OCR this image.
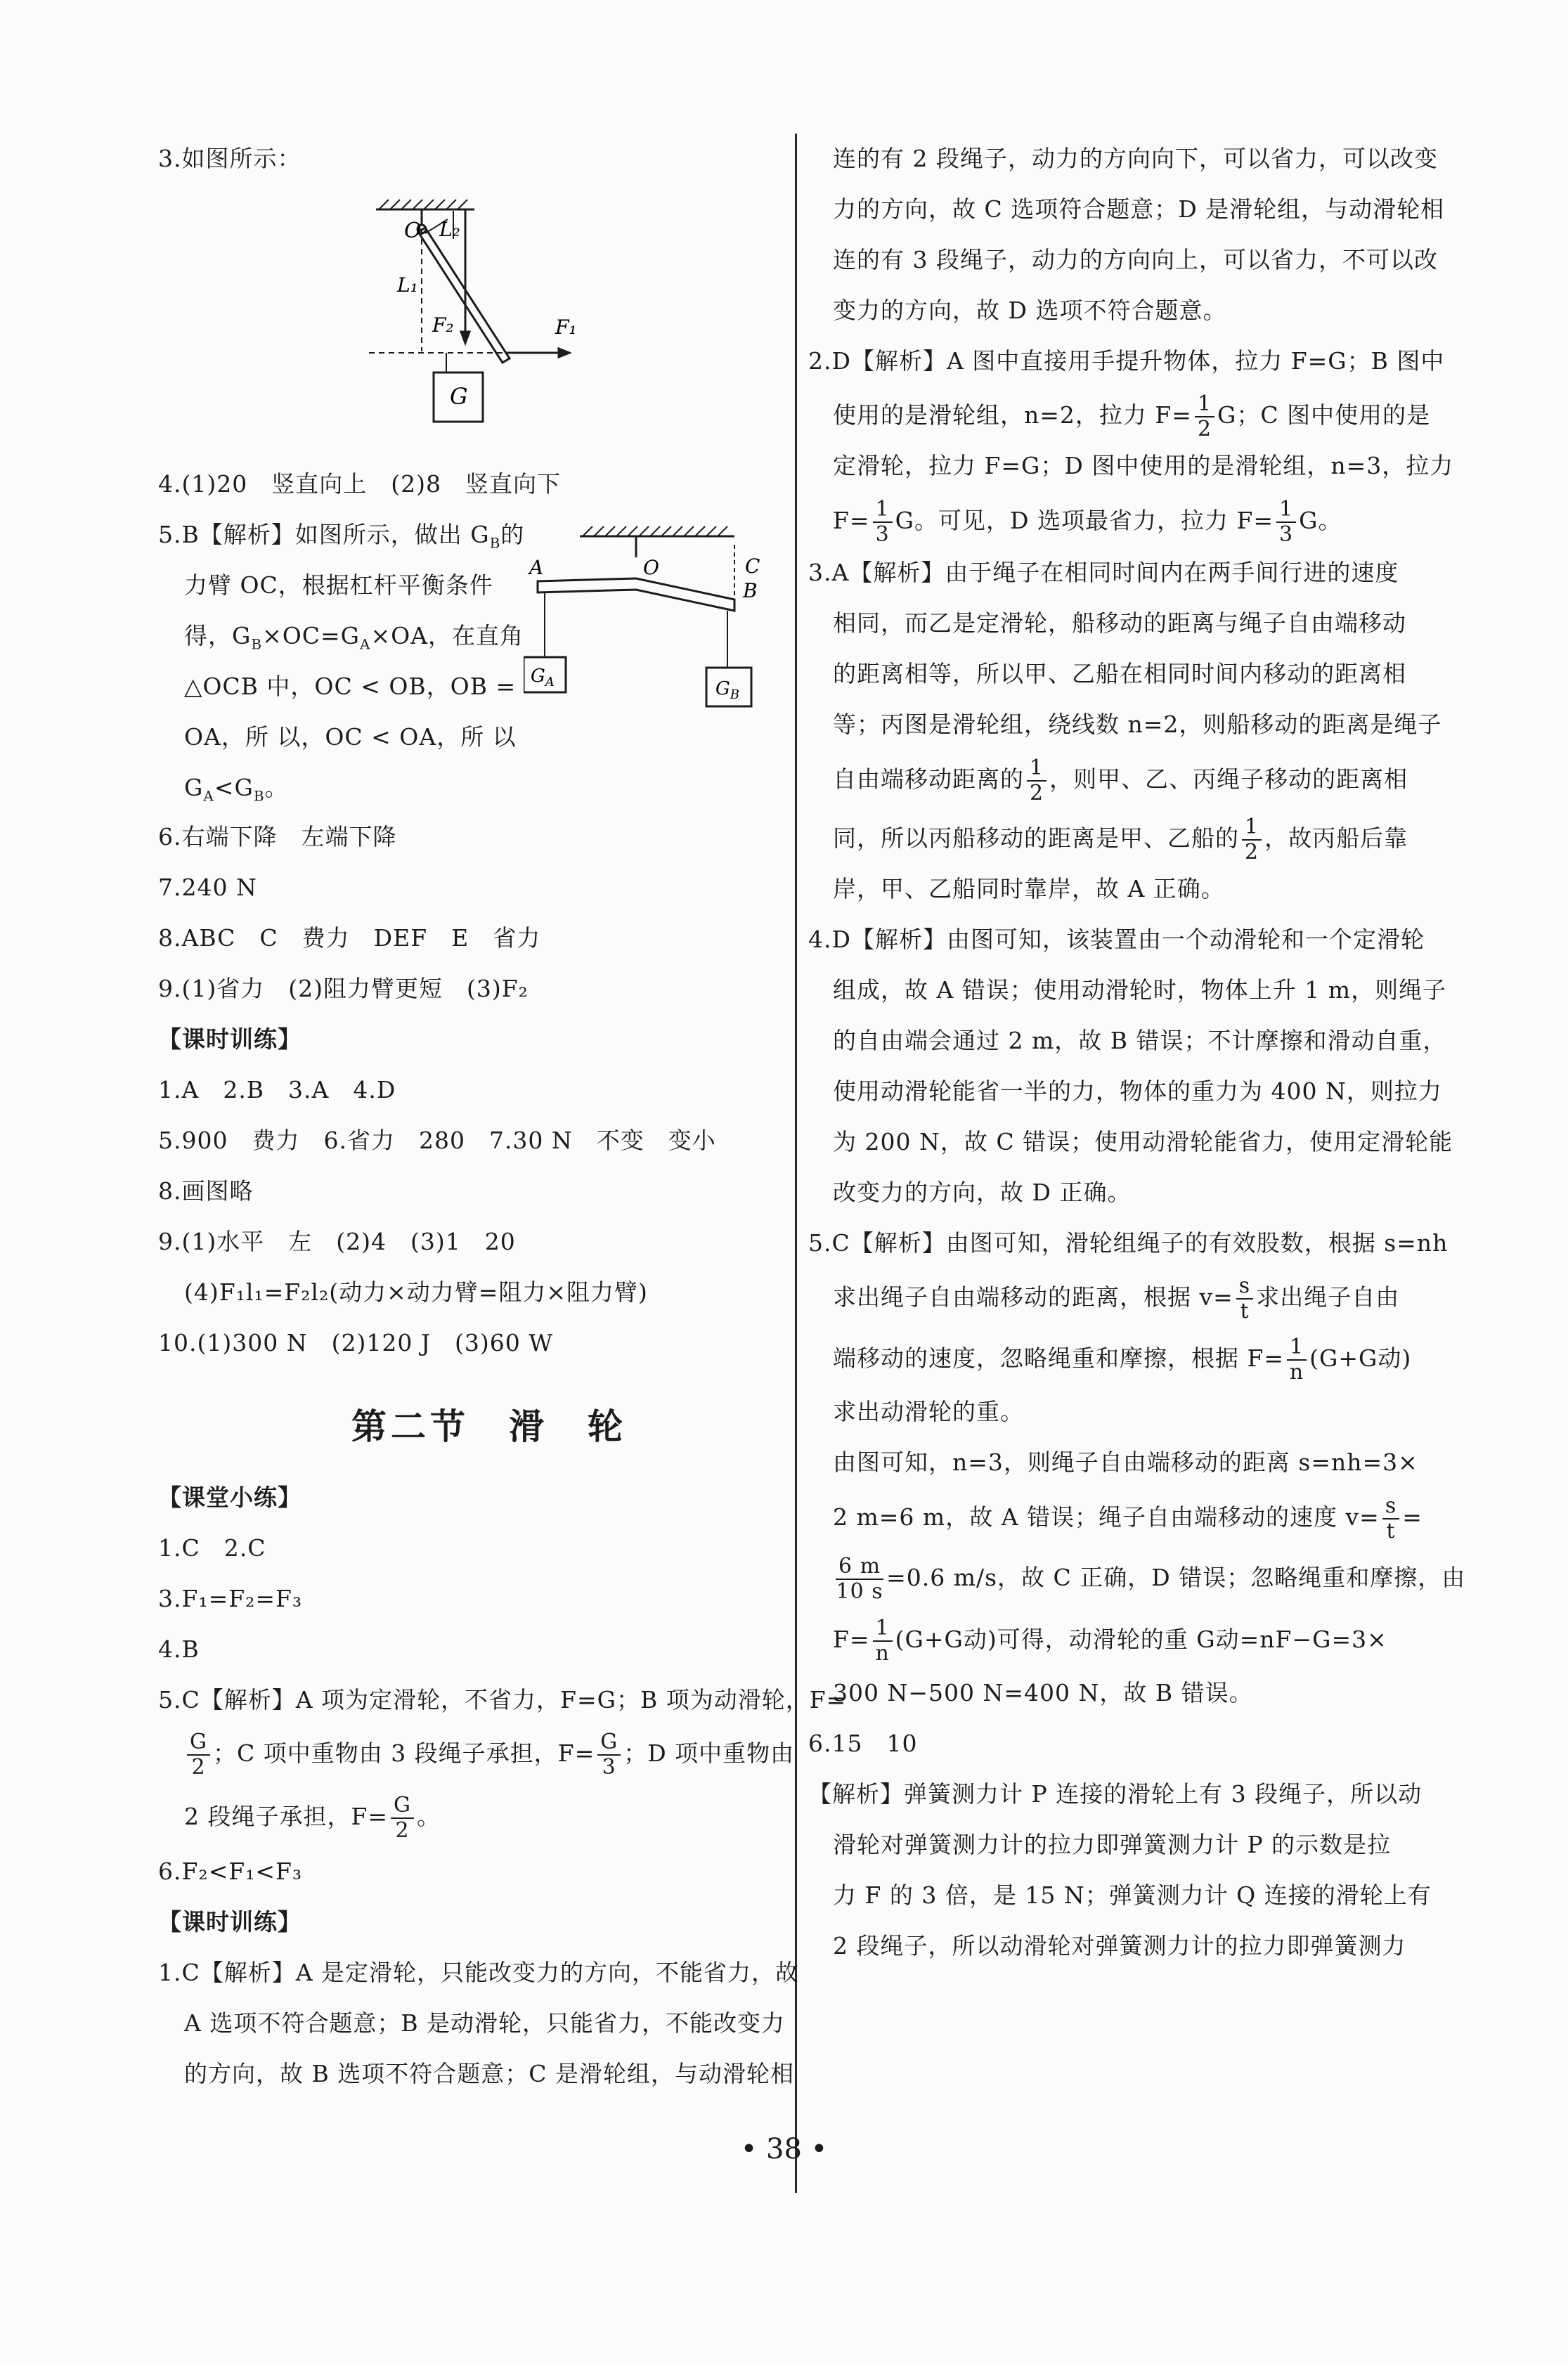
3.如图所示：
O L₂
L₁
F₂	F₁
G
4.(1)20　竖直向上　(2)8　竖直向下
5.B【解析】如图所示，做出 $G_B$的
力臂 OC，根据杠杆平衡条件
得，$G_B\times OC=G_A\times OA$，在直角
△OCB 中，OC < OB，OB =
OA，所 以，OC < OA，所 以
$G_A<G_B$。
A	O	C
B
$G_A$	$G_B$
6.右端下降　左端下降
7.240 N
8.ABC　C　费力　DEF　E　省力
9.(1)省力　(2)阻力臂更短　(3)F₂
【课时训练】
1.A　2.B　3.A　4.D
5.900　费力　6.省力　280　7.30 N　不变　变小
8.画图略
9.(1)水平　左　(2)4　(3)1　20
(4)F₁l₁=F₂l₂(动力×动力臂=阻力×阻力臂)
10.(1)300 N　(2)120 J　(3)60 W
第二节　滑　轮
【课堂小练】
1.C　2.C
3.F₁=F₂=F₃
4.B
5.C【解析】A 项为定滑轮，不省力，F=G；B 项为动滑轮，F=
$\frac{G}{2}$ ；C 项中重物由 3 段绳子承担，$F= \frac{G}{3}$ ；D 项中重物由
2 段绳子承担，$F= \frac{G}{2}$ 。
6.F₂<F₁<F₃
【课时训练】
1.C【解析】A 是定滑轮，只能改变力的方向，不能省力，故
A 选项不符合题意；B 是动滑轮，只能省力，不能改变力
的方向，故 B 选项不符合题意；C 是滑轮组，与动滑轮相
连的有 2 段绳子，动力的方向向下，可以省力，可以改变
力的方向，故 C 选项符合题意；D 是滑轮组，与动滑轮相
连的有 3 段绳子，动力的方向向上，可以省力，不可以改
变力的方向，故 D 选项不符合题意。
2.D【解析】A 图中直接用手提升物体，拉力 F=G；B 图中
使用的是滑轮组，n=2，拉力 $F= \frac{1}{2}$ G；C 图中使用的是
定滑轮，拉力 F=G；D 图中使用的是滑轮组，n=3，拉力
$F= \frac{1}{3}$ G。可见，D 选项最省力，拉力 $F= \frac{1}{3}$ G。
3.A【解析】由于绳子在相同时间内在两手间行进的速度
相同，而乙是定滑轮，船移动的距离与绳子自由端移动
的距离相等，所以甲、乙船在相同时间内移动的距离相
等；丙图是滑轮组，绕线数 n=2，则船移动的距离是绳子
自由端移动距离的 $\frac{1}{2}$ ，则甲、乙、丙绳子移动的距离相
同，所以丙船移动的距离是甲、乙船的 $\frac{1}{2}$ ，故丙船后靠
岸，甲、乙船同时靠岸，故 A 正确。
4.D【解析】由图可知，该装置由一个动滑轮和一个定滑轮
组成，故 A 错误；使用动滑轮时，物体上升 1 m，则绳子
的自由端会通过 2 m，故 B 错误；不计摩擦和滑动自重，
使用动滑轮能省一半的力，物体的重力为 400 N，则拉力
为 200 N，故 C 错误；使用动滑轮能省力，使用定滑轮能
改变力的方向，故 D 正确。
5.C【解析】由图可知，滑轮组绳子的有效股数，根据 s=nh
求出绳子自由端移动的距离，根据 $v= \frac{s}{t}$ 求出绳子自由
端移动的速度，忽略绳重和摩擦，根据 $F= \frac{1}{n} (G+G$动)
求出动滑轮的重。
由图可知，n=3，则绳子自由端移动的距离 s=nh=3×
2 m=6 m，故 A 错误；绳子自由端移动的速度 $v= \frac{s}{t}$ =
$\frac{6 m}{10 s} =0.6$ m/s，故 C 正确，D 错误；忽略绳重和摩擦，由
$F= \frac{1}{n} (G+G$动)可得，动滑轮的重 G动=nF−G=3×
300 N−500 N=400 N，故 B 错误。
6.15　10
【解析】弹簧测力计 P 连接的滑轮上有 3 段绳子，所以动
滑轮对弹簧测力计的拉力即弹簧测力计 P 的示数是拉
力 F 的 3 倍，是 15 N；弹簧测力计 Q 连接的滑轮上有
2 段绳子，所以动滑轮对弹簧测力计的拉力即弹簧测力
• 38 •
